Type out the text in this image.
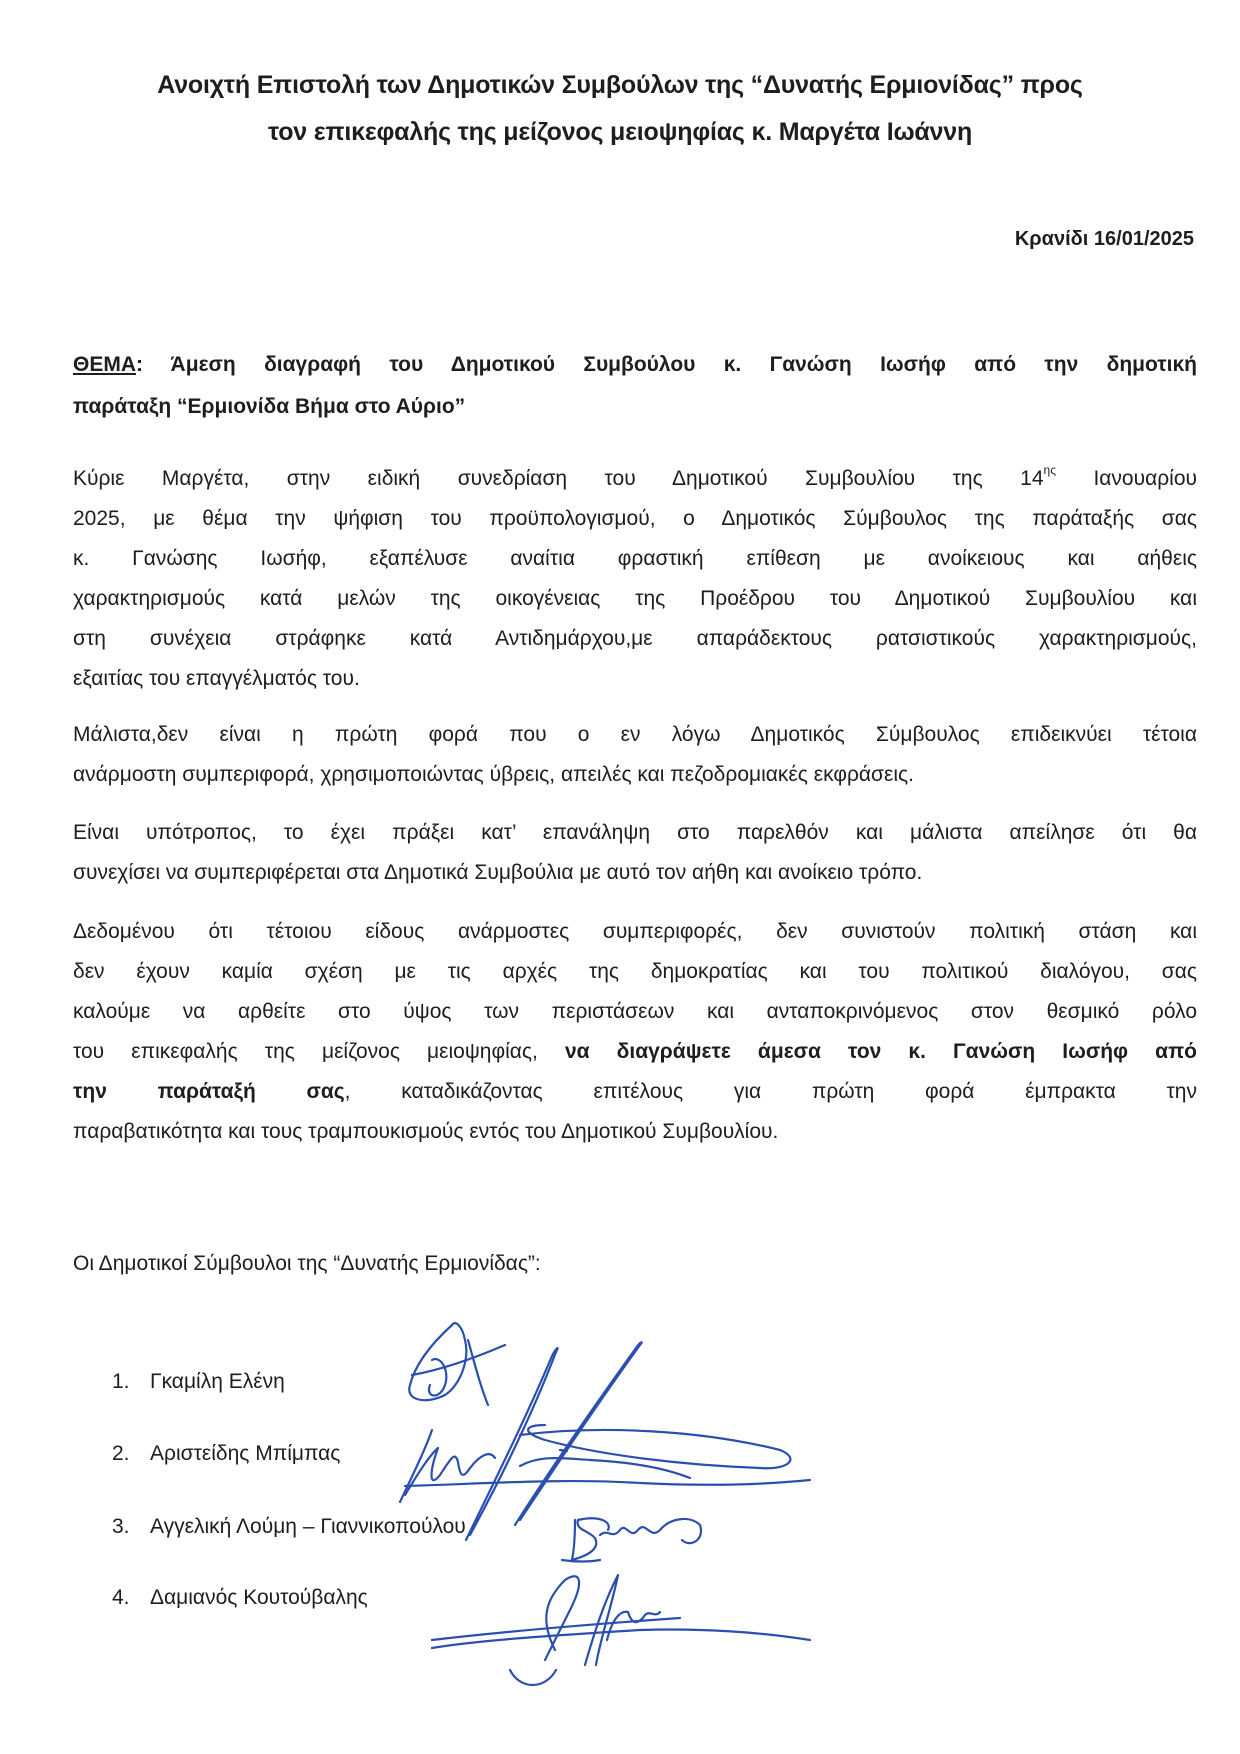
Ανοιχτή Επιστολή των Δημοτικών Συμβούλων της “Δυνατής Ερμιονίδας” προς
τον επικεφαλής της μείζονος μειοψηφίας κ. Μαργέτα Ιωάννη
Κρανίδι 16/01/2025
ΘΕΜΑ: Άμεση διαγραφή του Δημοτικού Συμβούλου κ. Γανώση Ιωσήφ από την δημοτική
παράταξη “Ερμιονίδα Βήμα στο Αύριο”
Κύριε Μαργέτα, στην ειδική συνεδρίαση του Δημοτικού Συμβουλίου της $14^{\eta\varsigma}$ Ιανουαρίου
2025, με θέμα την ψήφιση του προϋπολογισμού, ο Δημοτικός Σύμβουλος της παράταξής σας
κ. Γανώσης Ιωσήφ, εξαπέλυσε αναίτια φραστική επίθεση με ανοίκειους και αήθεις
χαρακτηρισμούς κατά μελών της οικογένειας της Προέδρου του Δημοτικού Συμβουλίου και
στη συνέχεια στράφηκε κατά Αντιδημάρχου,με απαράδεκτους ρατσιστικούς χαρακτηρισμούς,
εξαιτίας του επαγγέλματός του.
Μάλιστα,δεν είναι η πρώτη φορά που ο εν λόγω Δημοτικός Σύμβουλος επιδεικνύει τέτοια
ανάρμοστη συμπεριφορά, χρησιμοποιώντας ύβρεις, απειλές και πεζοδρομιακές εκφράσεις.
Είναι υπότροπος, το έχει πράξει κατ’ επανάληψη στο παρελθόν και μάλιστα απείλησε ότι θα
συνεχίσει να συμπεριφέρεται στα Δημοτικά Συμβούλια με αυτό τον αήθη και ανοίκειο τρόπο.
Δεδομένου ότι τέτοιου είδους ανάρμοστες συμπεριφορές, δεν συνιστούν πολιτική στάση και
δεν έχουν καμία σχέση με τις αρχές της δημοκρατίας και του πολιτικού διαλόγου, σας
καλούμε να αρθείτε στο ύψος των περιστάσεων και ανταποκρινόμενος στον θεσμικό ρόλο
του επικεφαλής της μείζονος μειοψηφίας, να διαγράψετε άμεσα τον κ. Γανώση Ιωσήφ από
την παράταξή σας, καταδικάζοντας επιτέλους για πρώτη φορά έμπρακτα την
παραβατικότητα και τους τραμπουκισμούς εντός του Δημοτικού Συμβουλίου.
Οι Δημοτικοί Σύμβουλοι της “Δυνατής Ερμιονίδας”:
1. Γκαμίλη Ελένη
2. Αριστείδης Μπίμπας
3. Αγγελική Λούμη – Γιαννικοπούλου
4. Δαμιανός Κουτούβαλης
